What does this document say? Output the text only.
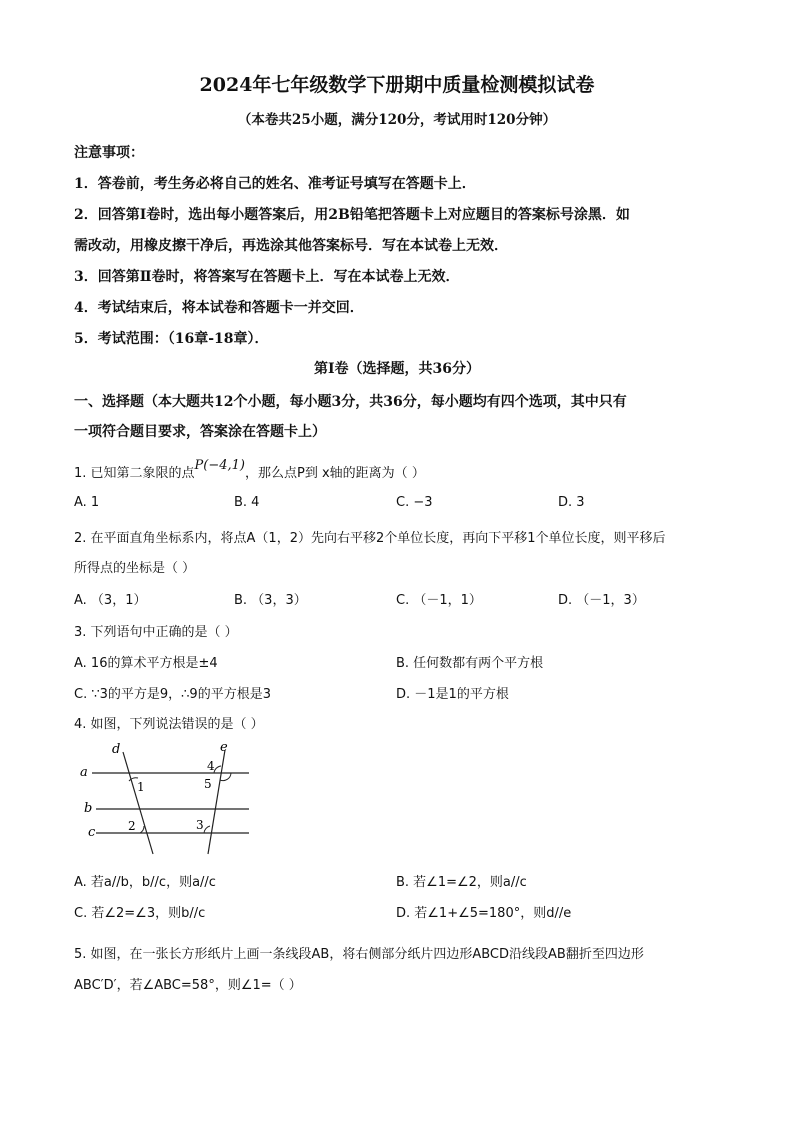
2024年七年级数学下册期中质量检测模拟试卷
（本卷共25小题，满分120分，考试用时120分钟）
注意事项：
1．答卷前，考生务必将自己的姓名、准考证号填写在答题卡上．
2．回答第Ⅰ卷时，选出每小题答案后，用2B铅笔把答题卡上对应题目的答案标号涂黑．如
需改动，用橡皮擦干净后，再选涂其他答案标号．写在本试卷上无效．
3．回答第Ⅱ卷时，将答案写在答题卡上．写在本试卷上无效．
4．考试结束后，将本试卷和答题卡一并交回．
5．考试范围：（16章-18章）．
第Ⅰ卷（选择题，共36分）
一、选择题（本大题共12个小题，每小题3分，共36分，每小题均有四个选项，其中只有
一项符合题目要求，答案涂在答题卡上）
1. 已知第二象限的点P(−4,1)，那么点P到 x轴的距离为（ ）
A. 1	B. 4	C. −3	D. 3
2. 在平面直角坐标系内，将点A（1，2）先向右平移2个单位长度，再向下平移1个单位长度，则平移后
所得点的坐标是（ ）
A. （3，1）	B. （3，3）	C. （－1，1）	D. （－1，3）
3. 下列语句中正确的是（ ）
A. 16的算术平方根是±4	B. 任何数都有两个平方根
C. ∵3的平方是9，∴9的平方根是3	D. －1是1的平方根
4. 如图，下列说法错误的是（ ）
d	e
a
b
c
1
2	3
4
5
A. 若a//b，b//c，则a//c	B. 若∠1=∠2，则a//c
C. 若∠2=∠3，则b//c	D. 若∠1+∠5=180°，则d//e
5. 如图，在一张长方形纸片上画一条线段AB，将右侧部分纸片四边形ABCD沿线段AB翻折至四边形
ABC′D′，若∠ABC=58°，则∠1=（ ）
